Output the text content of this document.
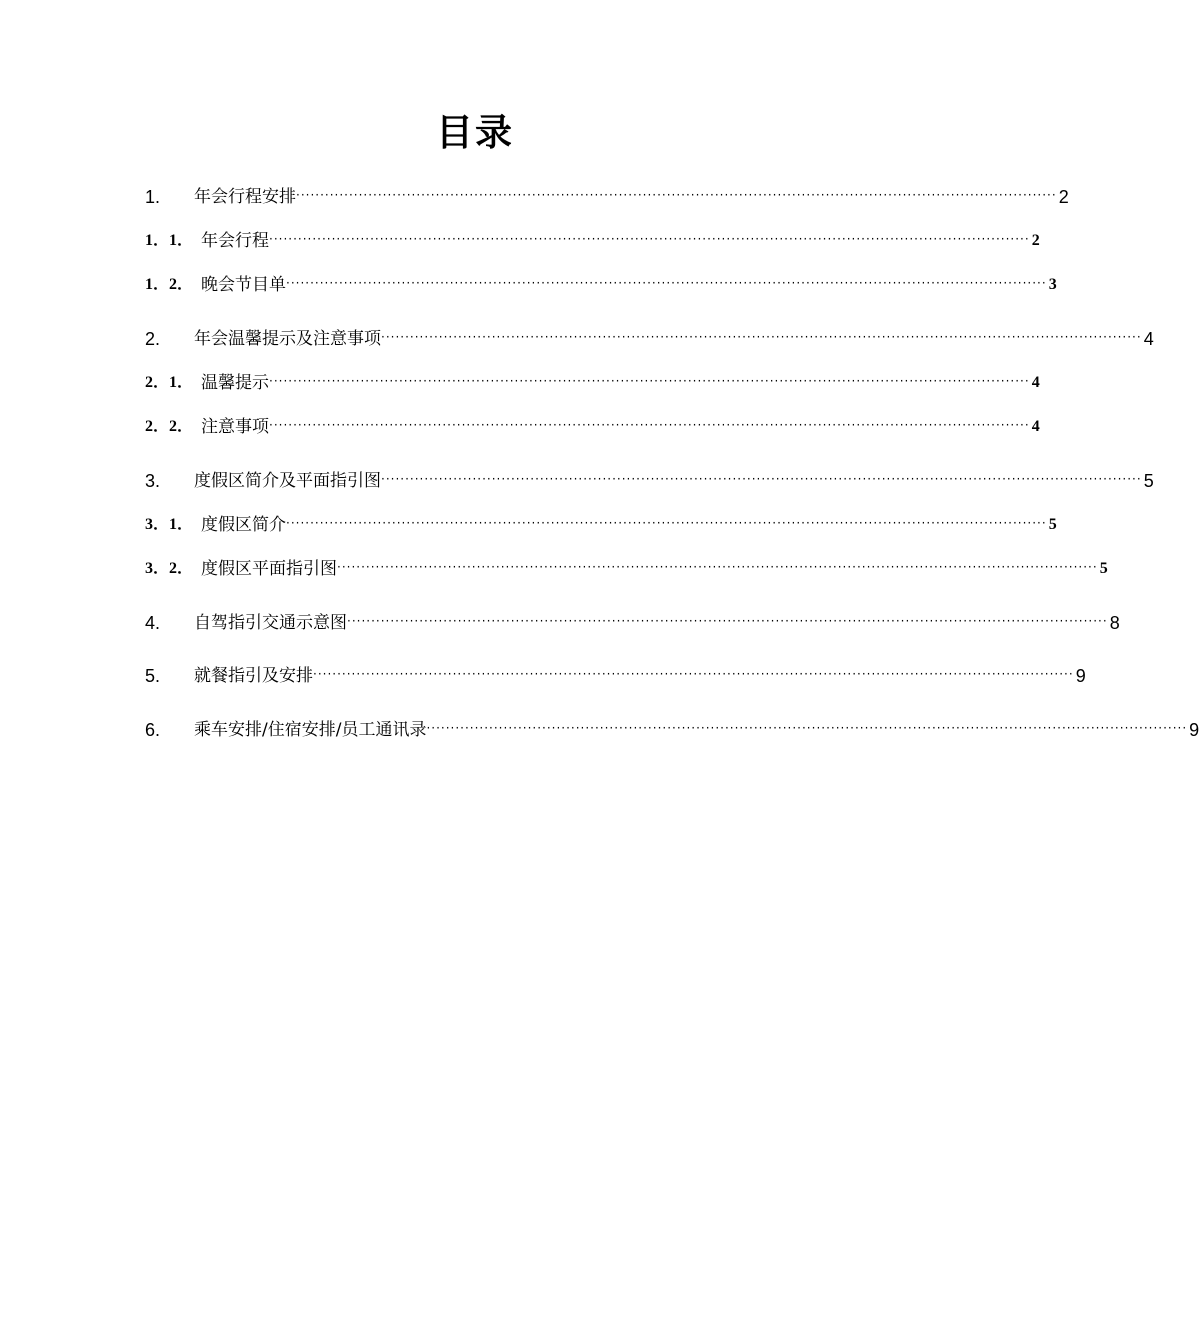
目录
1.	年会行程安排 ······························································································································································ 2
1．1． 年会行程 ······························································································································································ 2
1．2． 晚会节目单 ······························································································································································ 3
2.	年会温馨提示及注意事项 ······························································································································································ 4
2．1． 温馨提示 ······························································································································································ 4
2．2． 注意事项 ······························································································································································ 4
3.	度假区简介及平面指引图 ······························································································································································ 5
3．1． 度假区简介 ······························································································································································ 5
3．2． 度假区平面指引图 ······························································································································································ 5
4.	自驾指引交通示意图 ······························································································································································ 8
5.	就餐指引及安排 ······························································································································································ 9
6.	乘车安排/住宿安排/员工通讯录 ······························································································································································ 9
